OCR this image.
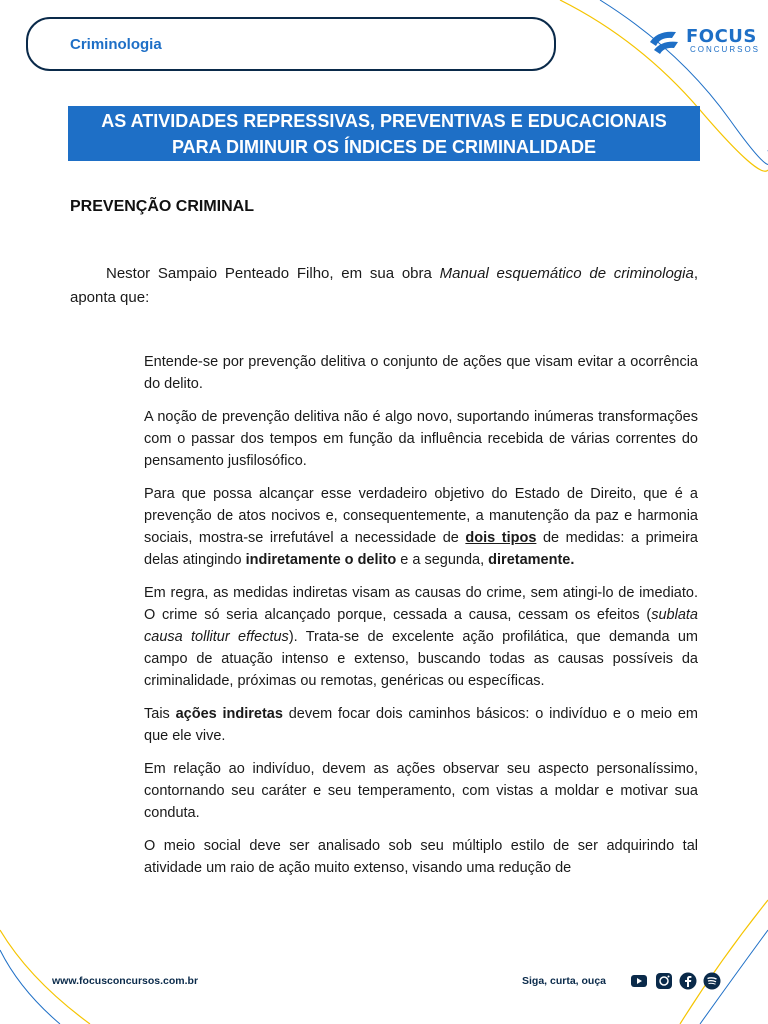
Criminologia	FOCUS
CONCURSOS
AS ATIVIDADES REPRESSIVAS, PREVENTIVAS E EDUCACIONAIS
PARA DIMINUIR OS ÍNDICES DE CRIMINALIDADE
PREVENÇÃO CRIMINAL
Nestor Sampaio Penteado Filho, em sua obra Manual esquemático de criminologia, aponta que:

Entende-se por prevenção delitiva o conjunto de ações que visam evitar a ocorrência do delito.

A noção de prevenção delitiva não é algo novo, suportando inúmeras transformações com o passar dos tempos em função da influência recebida de várias correntes do pensamento jusfilosófico.

Para que possa alcançar esse verdadeiro objetivo do Estado de Direito, que é a prevenção de atos nocivos e, consequentemente, a manutenção da paz e harmonia sociais, mostra-se irrefutável a necessidade de dois tipos de medidas: a primeira delas atingindo indiretamente o delito e a segunda, diretamente.

Em regra, as medidas indiretas visam as causas do crime, sem atingi-lo de imediato. O crime só seria alcançado porque, cessada a causa, cessam os efeitos (sublata causa tollitur effectus). Trata-se de excelente ação profilática, que demanda um campo de atuação intenso e extenso, buscando todas as causas possíveis da criminalidade, próximas ou remotas, genéricas ou específicas.

Tais ações indiretas devem focar dois caminhos básicos: o indivíduo e o meio em que ele vive.

Em relação ao indivíduo, devem as ações observar seu aspecto personalíssimo, contornando seu caráter e seu temperamento, com vistas a moldar e motivar sua conduta.

O meio social deve ser analisado sob seu múltiplo estilo de ser adquirindo tal atividade um raio de ação muito extenso, visando uma redução de

www.focusconcursos.com.br	Siga, curta, ouça
